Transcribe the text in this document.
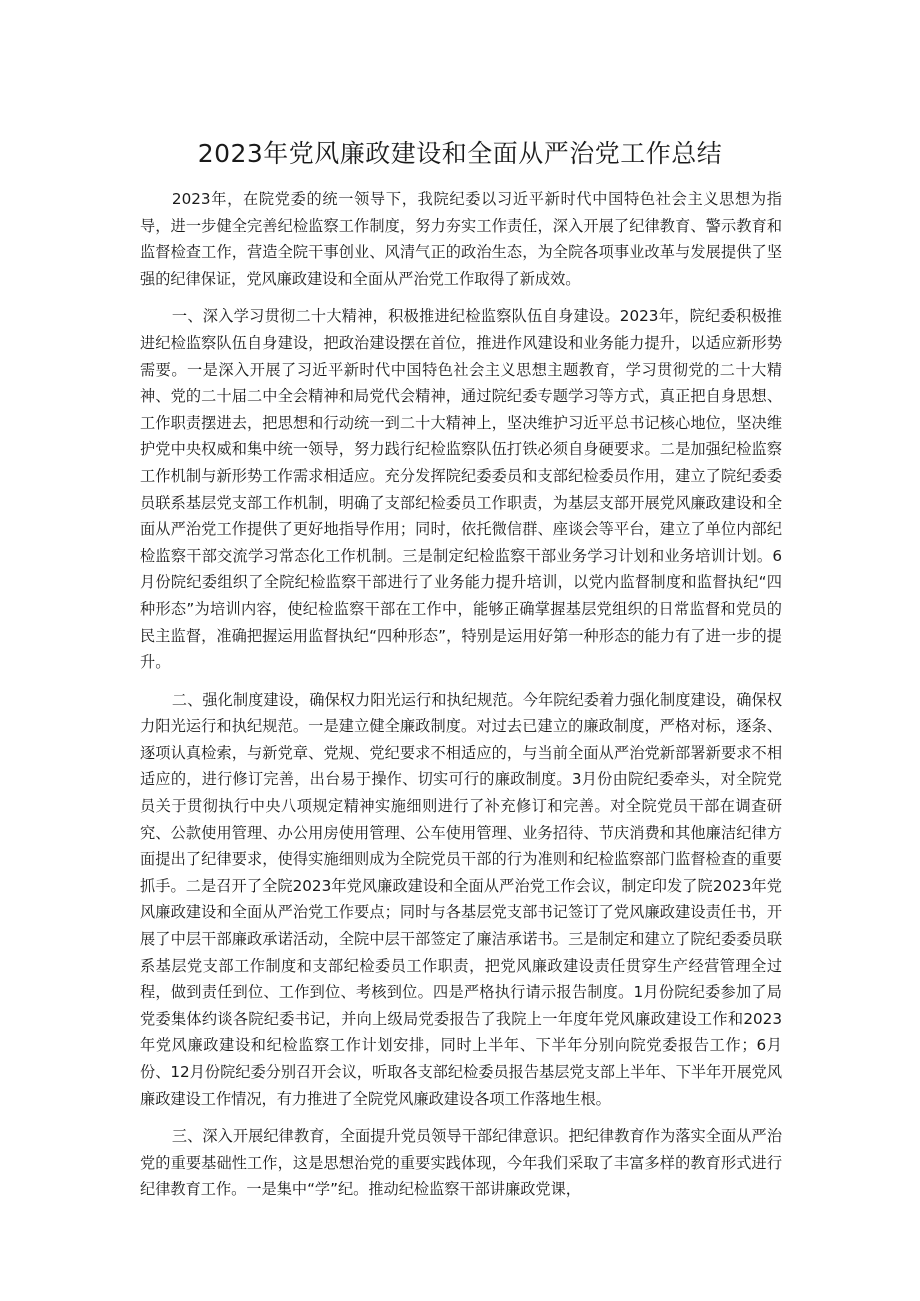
2023年党风廉政建设和全面从严治党工作总结

2023年，在院党委的统一领导下，我院纪委以习近平新时代中国特色社会主义思想为指导，进一步健全完善纪检监察工作制度，努力夯实工作责任，深入开展了纪律教育、警示教育和监督检查工作，营造全院干事创业、风清气正的政治生态，为全院各项事业改革与发展提供了坚强的纪律保证，党风廉政建设和全面从严治党工作取得了新成效。

一、深入学习贯彻二十大精神，积极推进纪检监察队伍自身建设。2023年，院纪委积极推进纪检监察队伍自身建设，把政治建设摆在首位，推进作风建设和业务能力提升，以适应新形势需要。一是深入开展了习近平新时代中国特色社会主义思想主题教育，学习贯彻党的二十大精神、党的二十届二中全会精神和局党代会精神，通过院纪委专题学习等方式，真正把自身思想、工作职责摆进去，把思想和行动统一到二十大精神上，坚决维护习近平总书记核心地位，坚决维护党中央权威和集中统一领导，努力践行纪检监察队伍打铁必须自身硬要求。二是加强纪检监察工作机制与新形势工作需求相适应。充分发挥院纪委委员和支部纪检委员作用，建立了院纪委委员联系基层党支部工作机制，明确了支部纪检委员工作职责，为基层支部开展党风廉政建设和全面从严治党工作提供了更好地指导作用；同时，依托微信群、座谈会等平台，建立了单位内部纪检监察干部交流学习常态化工作机制。三是制定纪检监察干部业务学习计划和业务培训计划。6月份院纪委组织了全院纪检监察干部进行了业务能力提升培训，以党内监督制度和监督执纪“四种形态”为培训内容，使纪检监察干部在工作中，能够正确掌握基层党组织的日常监督和党员的民主监督，准确把握运用监督执纪“四种形态”，特别是运用好第一种形态的能力有了进一步的提升。

二、强化制度建设，确保权力阳光运行和执纪规范。今年院纪委着力强化制度建设，确保权力阳光运行和执纪规范。一是建立健全廉政制度。对过去已建立的廉政制度，严格对标，逐条、逐项认真检索，与新党章、党规、党纪要求不相适应的，与当前全面从严治党新部署新要求不相适应的，进行修订完善，出台易于操作、切实可行的廉政制度。3月份由院纪委牵头，对全院党员关于贯彻执行中央八项规定精神实施细则进行了补充修订和完善。对全院党员干部在调查研究、公款使用管理、办公用房使用管理、公车使用管理、业务招待、节庆消费和其他廉洁纪律方面提出了纪律要求，使得实施细则成为全院党员干部的行为准则和纪检监察部门监督检查的重要抓手。二是召开了全院2023年党风廉政建设和全面从严治党工作会议，制定印发了院2023年党风廉政建设和全面从严治党工作要点；同时与各基层党支部书记签订了党风廉政建设责任书，开展了中层干部廉政承诺活动，全院中层干部签定了廉洁承诺书。三是制定和建立了院纪委委员联系基层党支部工作制度和支部纪检委员工作职责，把党风廉政建设责任贯穿生产经营管理全过程，做到责任到位、工作到位、考核到位。四是严格执行请示报告制度。1月份院纪委参加了局党委集体约谈各院纪委书记，并向上级局党委报告了我院上一年度年党风廉政建设工作和2023年党风廉政建设和纪检监察工作计划安排，同时上半年、下半年分别向院党委报告工作；6月份、12月份院纪委分别召开会议，听取各支部纪检委员报告基层党支部上半年、下半年开展党风廉政建设工作情况，有力推进了全院党风廉政建设各项工作落地生根。

三、深入开展纪律教育，全面提升党员领导干部纪律意识。把纪律教育作为落实全面从严治党的重要基础性工作，这是思想治党的重要实践体现，今年我们采取了丰富多样的教育形式进行纪律教育工作。一是集中“学”纪。推动纪检监察干部讲廉政党课，
